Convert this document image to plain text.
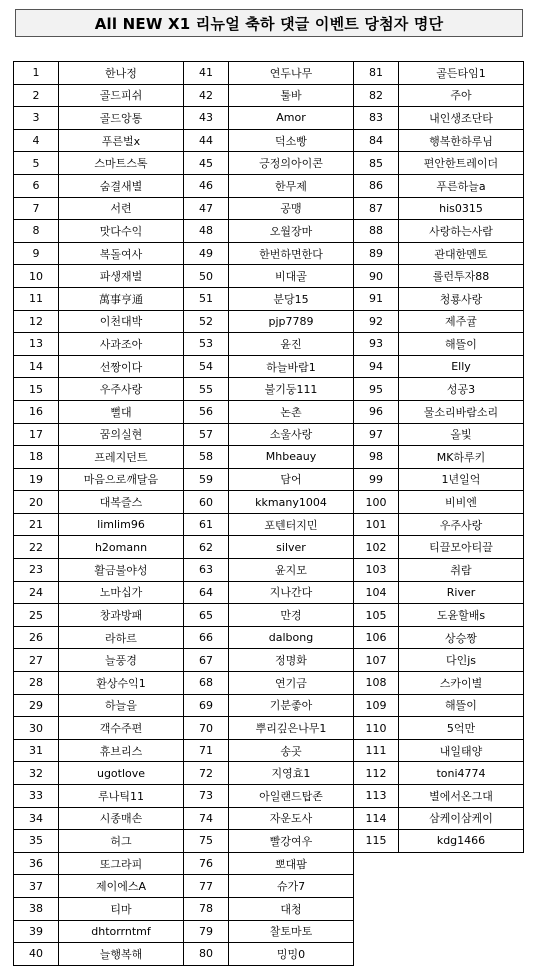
All NEW X1 리뉴얼 축하 댓글 이벤트 당첨자 명단
1	한나정	41	연두나무	81	골든타임1
2	골드피쉬	42	툴바	82	주아
3	골드앙통	43	Amor	83	내인생조단타
4	푸른벌x	44	덕소빵	84	행복한하루님
5	스마트스톡	45	긍정의아이콘	85	편안한트레이더
6	숨결새별	46	한무제	86	푸른하늘a
7	서련	47	공맹	87	his0315
8	맛다수익	48	오월장마	88	사랑하는사람
9	복돌여사	49	한번하면한다	89	관대한멘토
10	파생재벌	50	비대골	90	롤런투자88
11	萬事亨通	51	분당15	91	청룡사랑
12	이천대박	52	pjp7789	92	제주귤
13	사과조아	53	윤진	93	해뜰이
14	선짱이다	54	하늘바람1	94	Elly
15	우주사랑	55	불기둥111	95	성공3
16	뻘대	56	논촌	96	물소리바람소리
17	꿈의실현	57	소울사랑	97	올빛
18	프레지던트	58	Mhbeauy	98	MK하루키
19	마음으로깨달음	59	담어	99	1년일억
20	대복즐스	60	kkmany1004	100	비비엔
21	limlim96	61	포텐터지민	101	우주사랑
22	h2omann	62	silver	102	티끌모아티끌
23	활금불야성	63	윤지모	103	취람
24	노마십가	64	지나간다	104	River
25	창과방패	65	만경	105	도윤할배s
26	라하르	66	dalbong	106	상승짱
27	늘풍경	67	정명화	107	다인js
28	환상수익1	68	연기금	108	스카이별
29	하늘을	69	기분좋아	109	해뜰이
30	객수주편	70	뿌리깊은나무1	110	5억만
31	휴브리스	71	송곳	111	내일태양
32	ugotlove	72	지영효1	112	toni4774
33	루나틱11	73	아일랜드탑존	113	별에서온그대
34	시종매손	74	자운도사	114	삼케이삼케이
35	허그	75	빨강여우	115	kdg1466
36	또그라피	76	뽀대팜		
37	제이에스A	77	슈가7		
38	티마	78	대청		
39	dhtorrntmf	79	찰토마토		
40	늘행복해	80	밍밍0		
